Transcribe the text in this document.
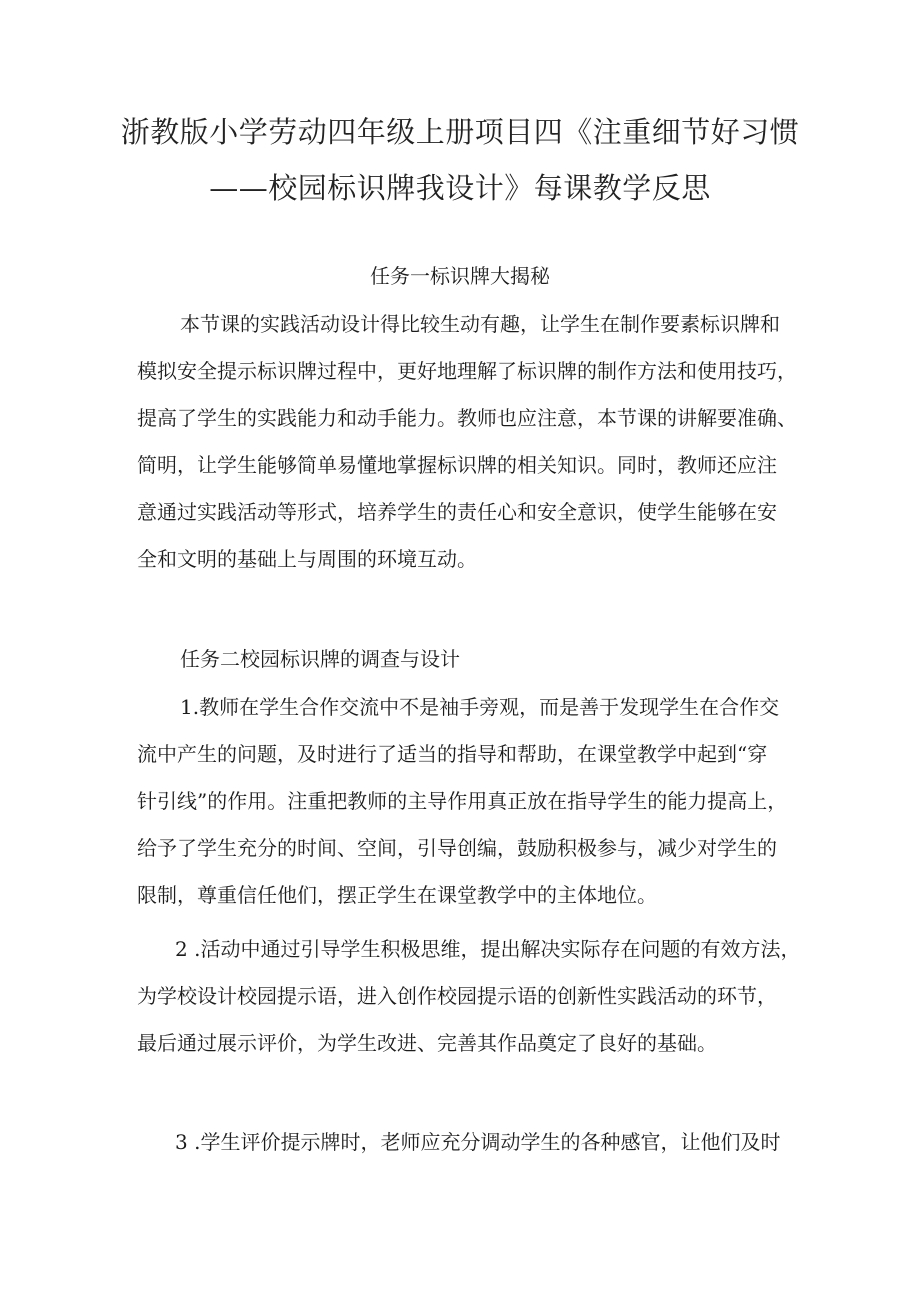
浙教版小学劳动四年级上册项目四《注重细节好习惯
——校园标识牌我设计》每课教学反思
任务一标识牌大揭秘
本节课的实践活动设计得比较生动有趣，让学生在制作要素标识牌和
模拟安全提示标识牌过程中，更好地理解了标识牌的制作方法和使用技巧，
提高了学生的实践能力和动手能力。教师也应注意，本节课的讲解要准确、
简明，让学生能够简单易懂地掌握标识牌的相关知识。同时，教师还应注
意通过实践活动等形式，培养学生的责任心和安全意识，使学生能够在安
全和文明的基础上与周围的环境互动。
任务二校园标识牌的调查与设计
1.教师在学生合作交流中不是袖手旁观，而是善于发现学生在合作交
流中产生的问题，及时进行了适当的指导和帮助，在课堂教学中起到“穿
针引线”的作用。注重把教师的主导作用真正放在指导学生的能力提高上，
给予了学生充分的时间、空间，引导创编，鼓励积极参与，减少对学生的
限制，尊重信任他们，摆正学生在课堂教学中的主体地位。
2 .活动中通过引导学生积极思维，提出解决实际存在问题的有效方法，
为学校设计校园提示语，进入创作校园提示语的创新性实践活动的环节，
最后通过展示评价，为学生改进、完善其作品奠定了良好的基础。
3 .学生评价提示牌时，老师应充分调动学生的各种感官，让他们及时
